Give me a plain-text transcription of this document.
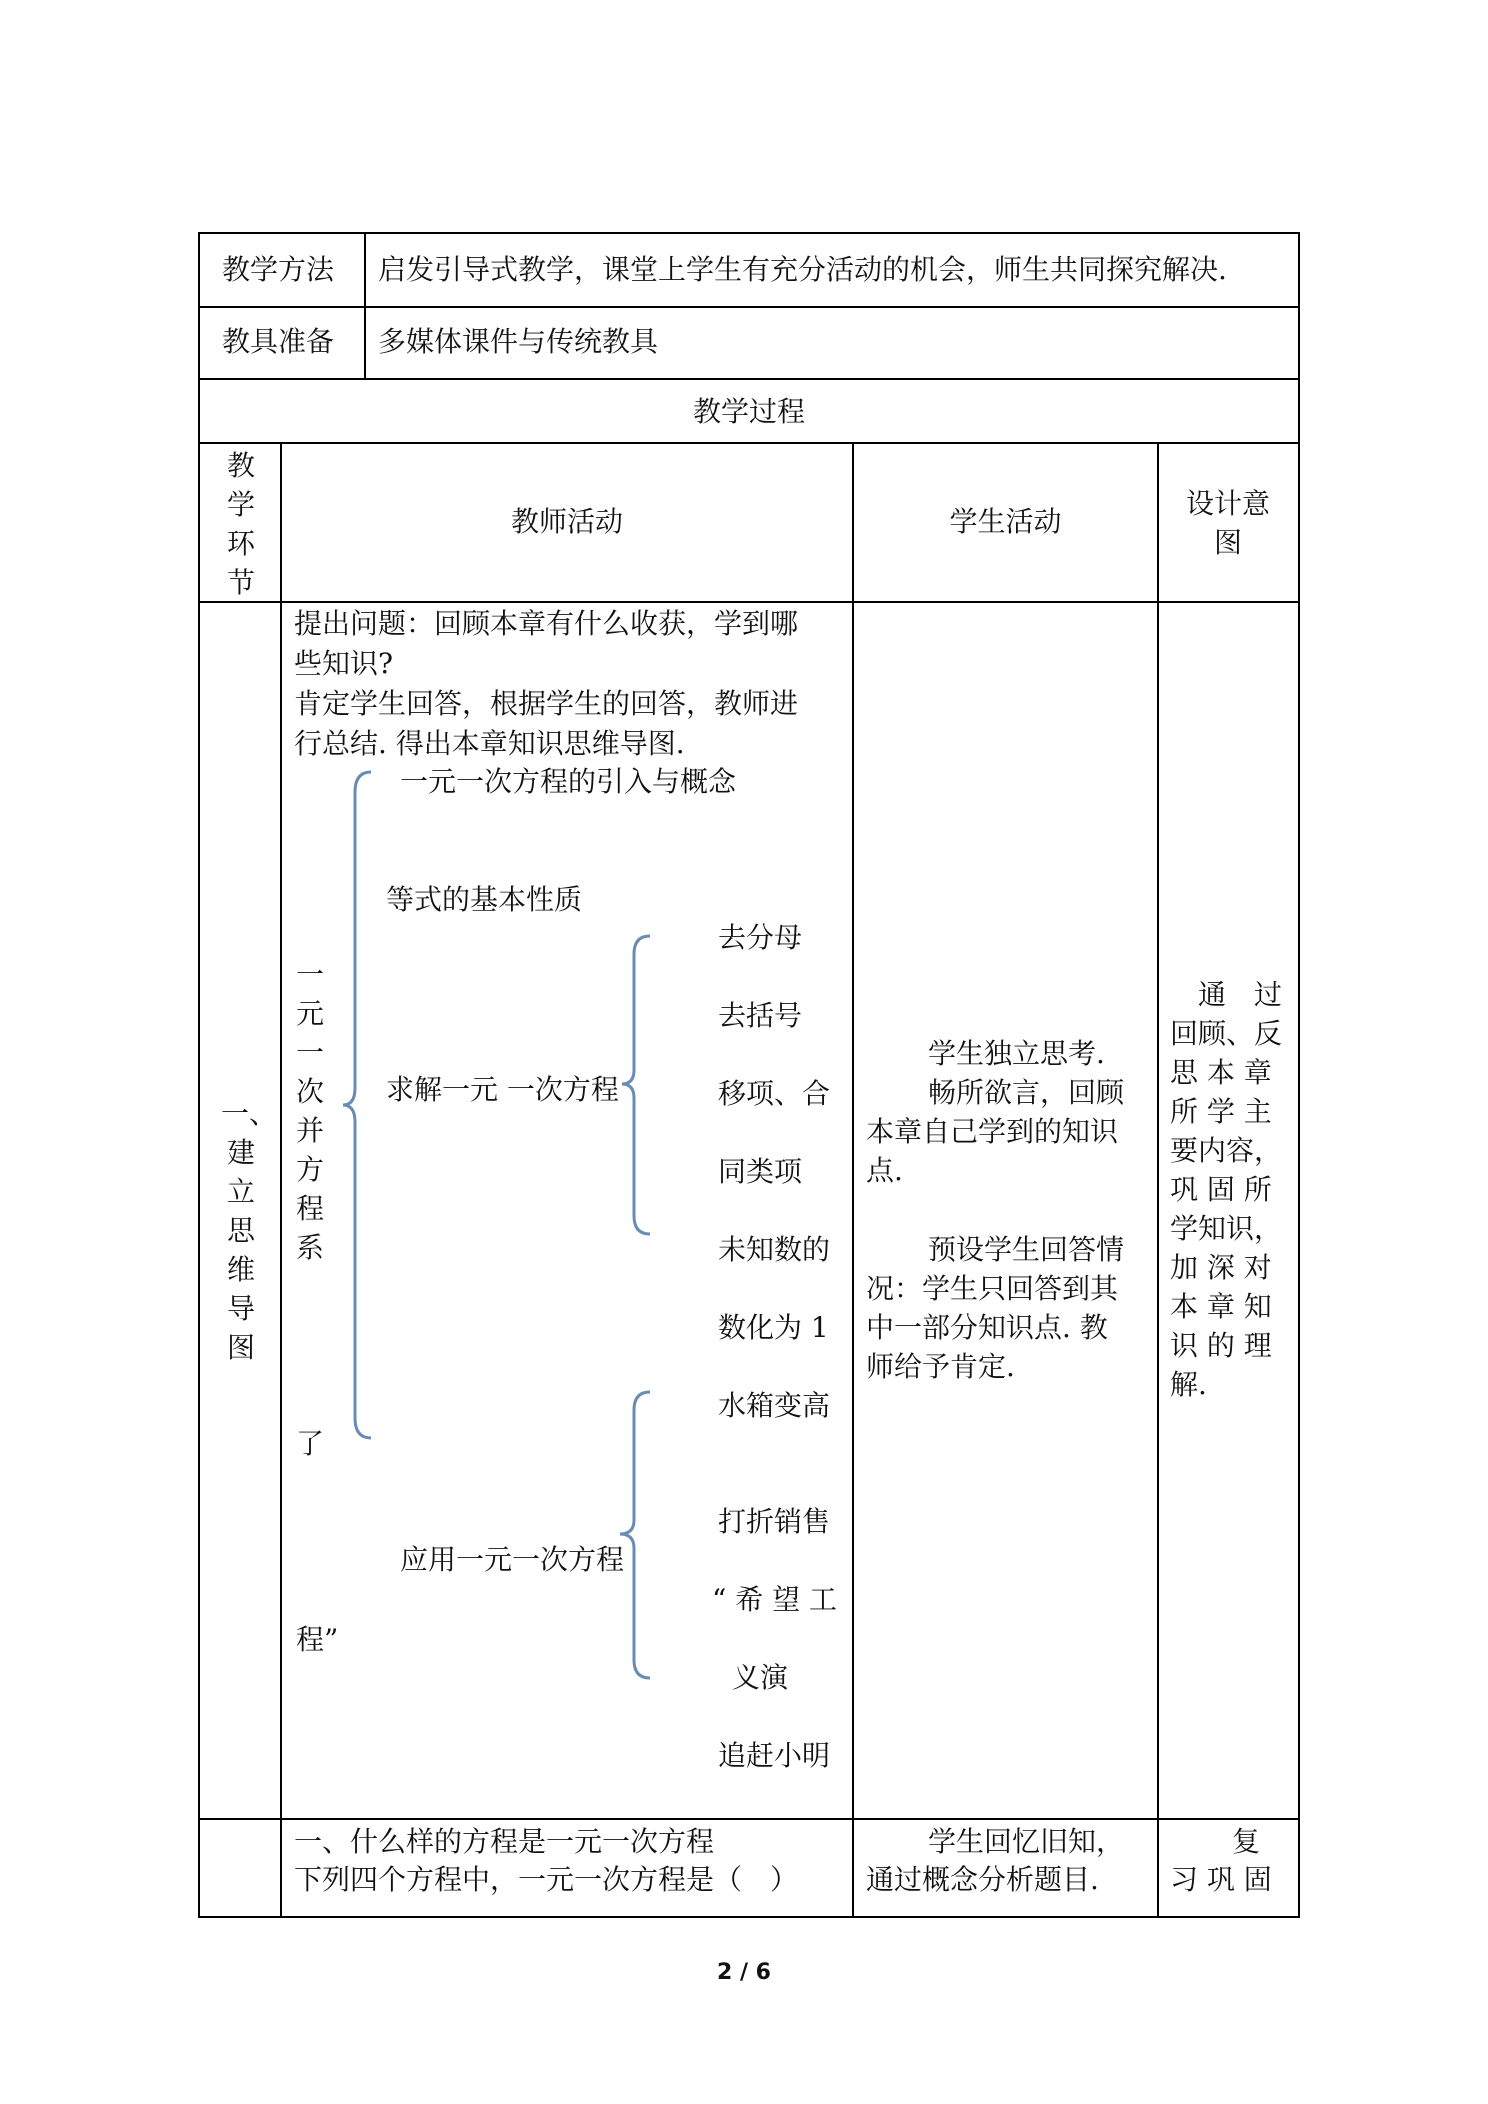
教学方法 启发引导式教学，课堂上学生有充分活动的机会，师生共同探究解决.
教具准备 多媒体课件与传统教具
教学过程
教学环节
教师活动	学生活动
设计意图
一、建立思维导图
提出问题：回顾本章有什么收获，学到哪
些知识?
肯定学生回答，根据学生的回答，教师进
行总结. 得出本章知识思维导图.
一元一次并方程系
了
程”
一元一次方程的引入与概念
等式的基本性质
求解一元 一次方程
应用一元一次方程
去分母
去括号
移项、合
同类项
未知数的
数化为 1
水箱变高
打折销售
“ 希 望 工
义演
追赶小明
学生独立思考.
畅所欲言，回顾
本章自己学到的知识
点.
预设学生回答情
况：学生只回答到其
中一部分知识点. 教
师给予肯定.
通　过
回顾、反
思 本 章
所 学 主
要内容，
巩 固 所
学知识，
加 深 对
本 章 知
识 的 理
解.
一、什么样的方程是一元一次方程
下列四个方程中，一元一次方程是（　）
学生回忆旧知，
通过概念分析题目.
复
习 巩 固
2 / 6
